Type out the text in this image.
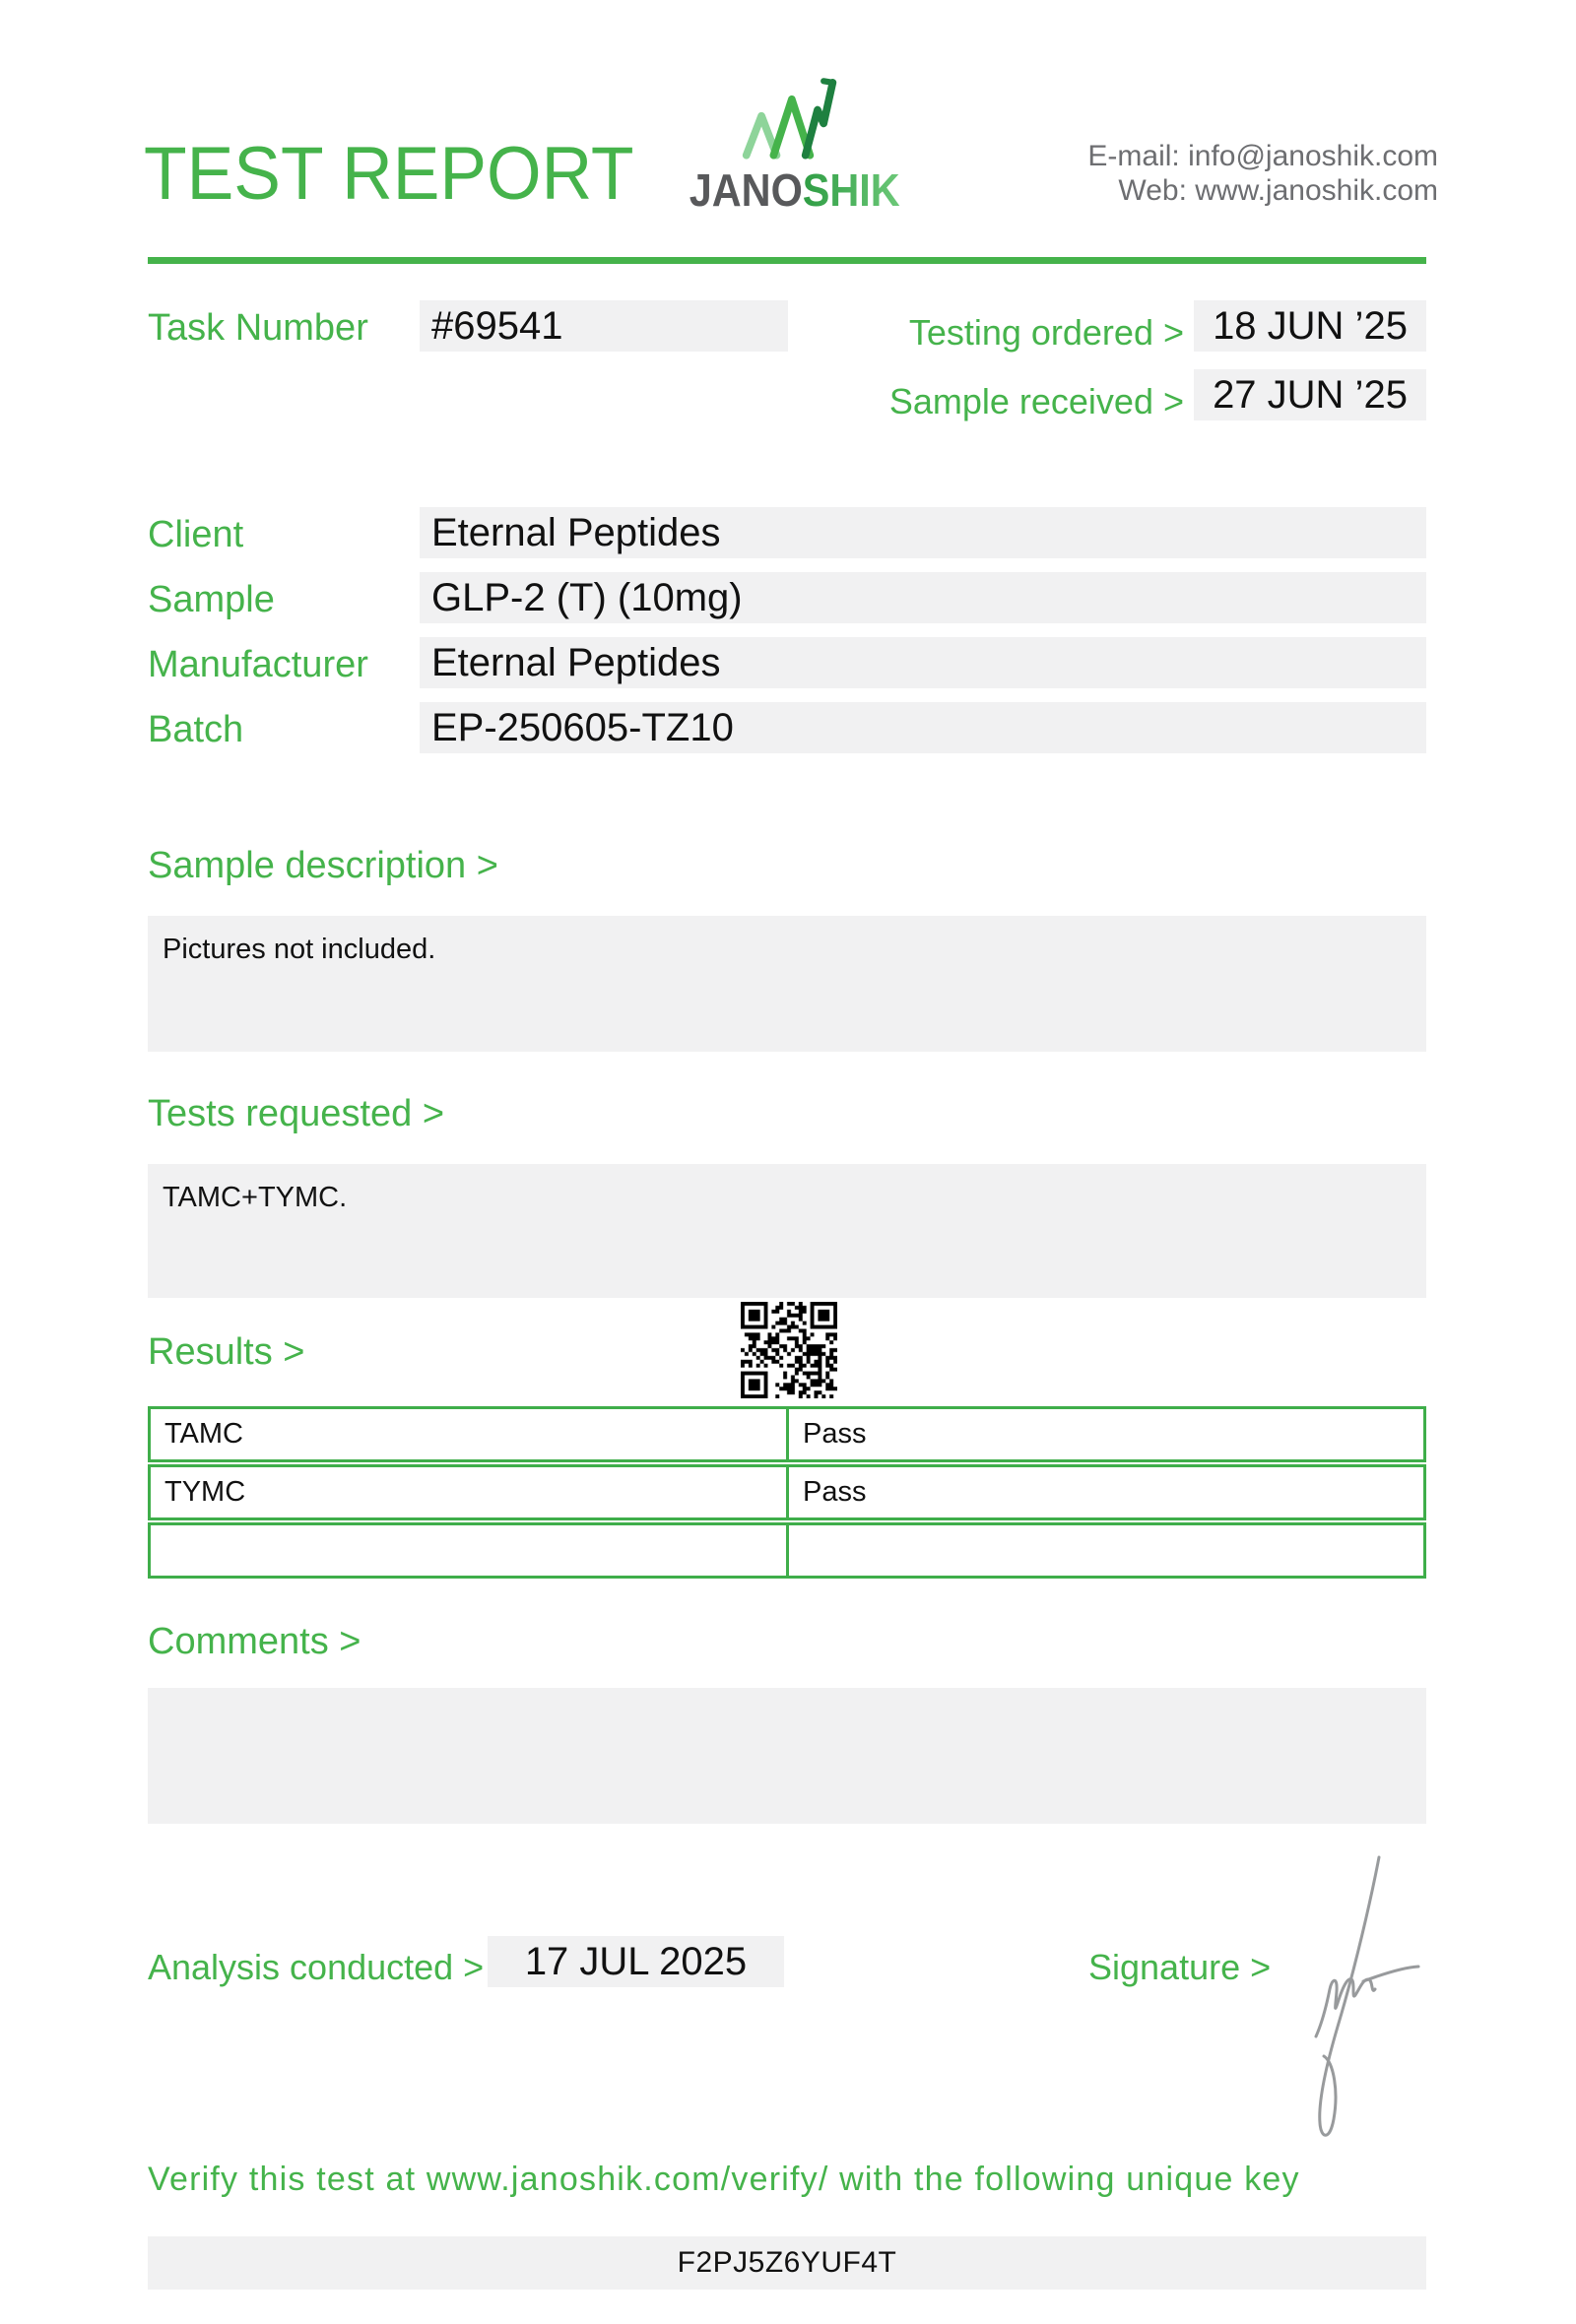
TEST REPORT JANOSHIK
E-mail: info@janoshik.com
Web: www.janoshik.com
Task Number	#69541	Testing ordered > 18 JUN ’25
Sample received > 27 JUN ’25
Client	Eternal Peptides
Sample	GLP-2 (T) (10mg)
Manufacturer	Eternal Peptides
Batch	EP-250605-TZ10
Sample description >
Pictures not included.
Tests requested >
TAMC+TYMC.
Results >
TAMC	Pass
TYMC	Pass
Comments >
Analysis conducted >	17 JUL 2025	Signature >
Verify this test at www.janoshik.com/verify/ with the following unique key
F2PJ5Z6YUF4T
